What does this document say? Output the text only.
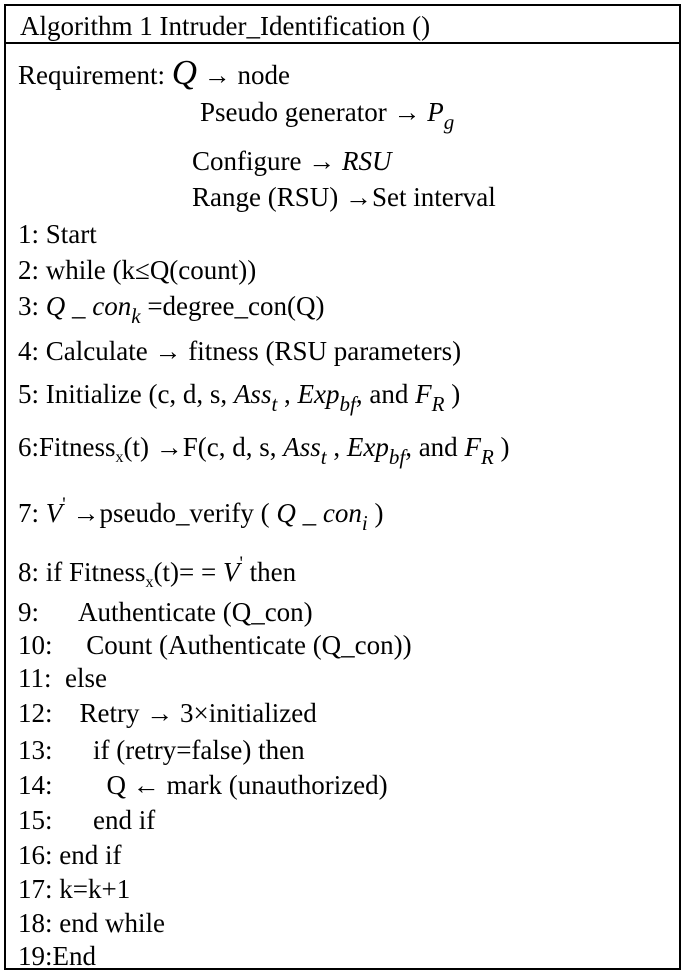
Algorithm 1 Intruder_Identification ()
Requirement: Q → node
Pseudo generator → $P_g$
Configure → RSU
Range (RSU) →Set interval
1: Start
2: while (k≤Q(count))
3: Q _ con$_k$ =degree_con(Q)
4: Calculate → fitness (RSU parameters)
5: Initialize (c, d, s, Ass$_t$ , Exp$_{bf}$, and $F_R$ )
6:Fitness$_x$(t) →F(c, d, s, Ass$_t$ , Exp$_{bf}$, and $F_R$ )
7: V' →pseudo_verify ( Q _ con$_i$ )
8: if Fitness$_x$(t)= = V' then
9:      Authenticate (Q_con)
10:     Count (Authenticate (Q_con))
11:  else
12:    Retry → 3×initialized
13:      if (retry=false) then
14:        Q ← mark (unauthorized)
15:      end if
16: end if
17: k=k+1
18: end while
19:End
